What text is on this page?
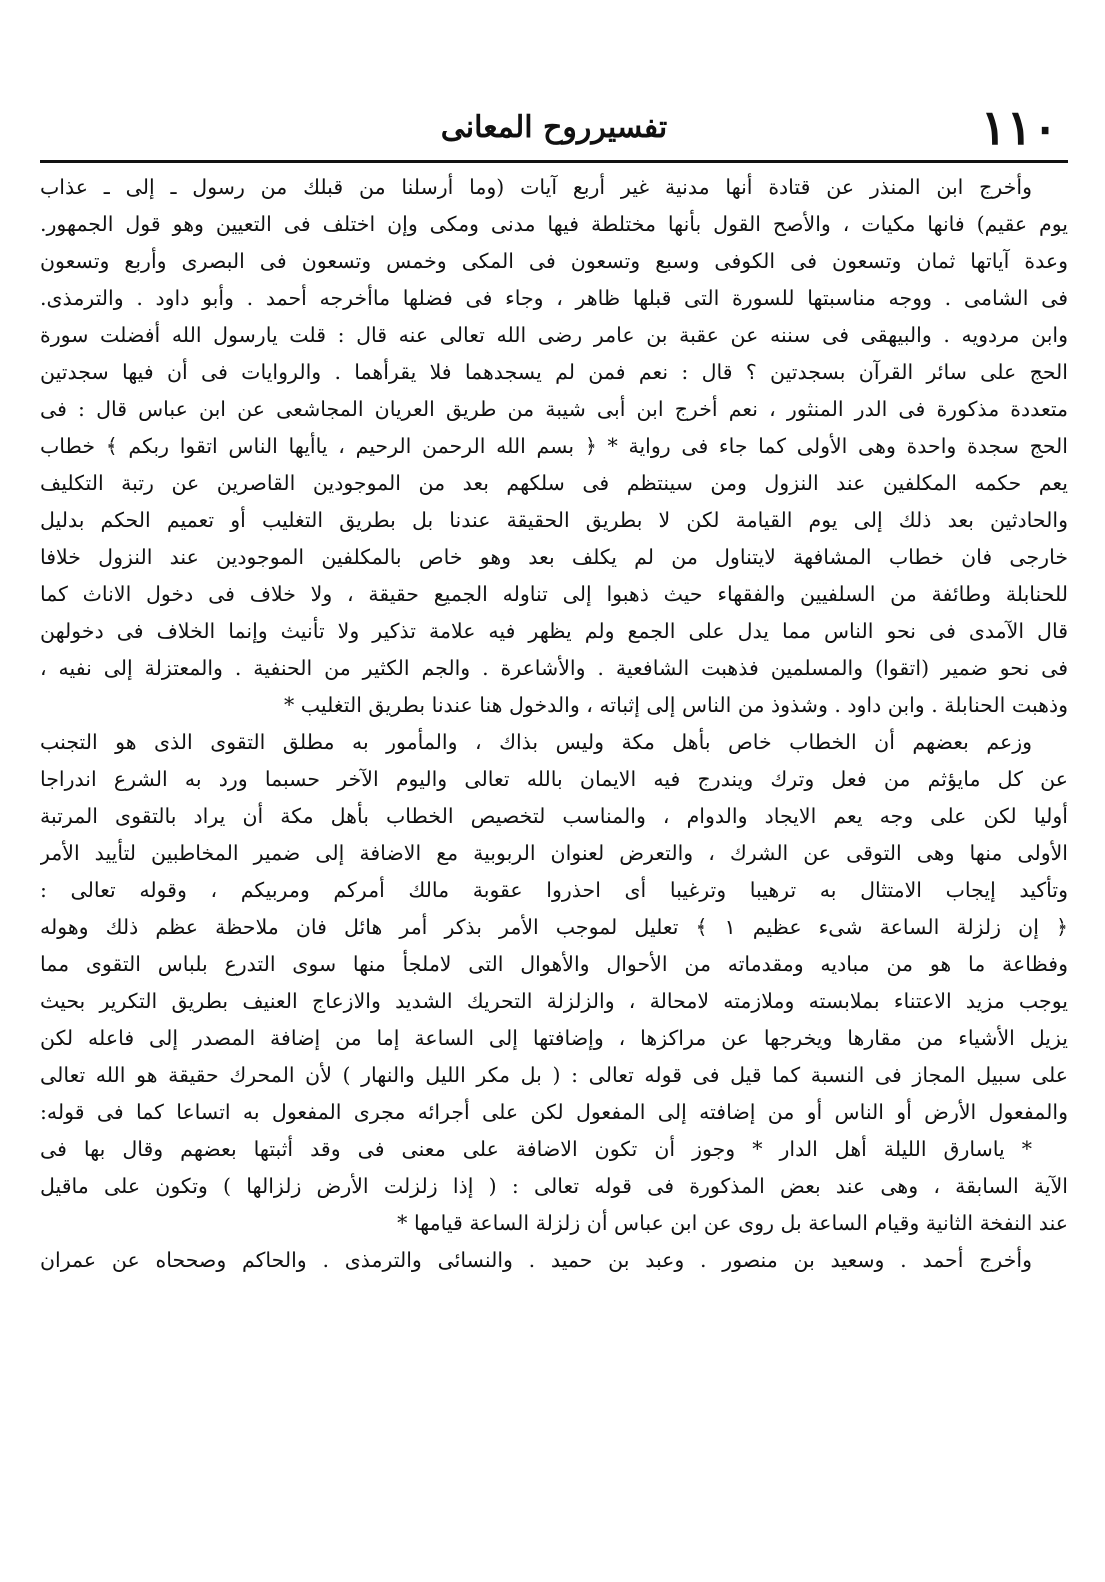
١١٠
تفسيرروح المعانى
وأخرج ابن المنذر عن قتادة أنها مدنية غير أربع آيات (وما أرسلنا من قبلك من رسول ـ إلى ـ عذاب
يوم عقيم) فانها مكيات ، والأصح القول بأنها مختلطة فيها مدنى ومكى وإن اختلف فى التعيين وهو قول الجمهور.
وعدة آياتها ثمان وتسعون فى الكوفى وسبع وتسعون فى المكى وخمس وتسعون فى البصرى وأربع وتسعون
فى الشامى . ووجه مناسبتها للسورة التى قبلها ظاهر ، وجاء فى فضلها ماأخرجه أحمد . وأبو داود . والترمذى.
وابن مردويه . والبيهقى فى سننه عن عقبة بن عامر رضى الله تعالى عنه قال : قلت يارسول الله أفضلت سورة
الحج على سائر القرآن بسجدتين ؟ قال : نعم فمن لم يسجدهما فلا يقرأهما . والروايات فى أن فيها سجدتين
متعددة مذكورة فى الدر المنثور ، نعم أخرج ابن أبى شيبة من طريق العريان المجاشعى عن ابن عباس قال : فى
الحج سجدة واحدة وهى الأولى كما جاء فى رواية * ﴿ بسم الله الرحمن الرحيم ، ياأيها الناس اتقوا ربكم ﴾ خطاب
يعم حكمه المكلفين عند النزول ومن سينتظم فى سلكهم بعد من الموجودين القاصرين عن رتبة التكليف
والحادثين بعد ذلك إلى يوم القيامة لكن لا بطريق الحقيقة عندنا بل بطريق التغليب أو تعميم الحكم بدليل
خارجى فان خطاب المشافهة لايتناول من لم يكلف بعد وهو خاص بالمكلفين الموجودين عند النزول خلافا
للحنابلة وطائفة من السلفيين والفقهاء حيث ذهبوا إلى تناوله الجميع حقيقة ، ولا خلاف فى دخول الاناث كما
قال الآمدى فى نحو الناس مما يدل على الجمع ولم يظهر فيه علامة تذكير ولا تأنيث وإنما الخلاف فى دخولهن
فى نحو ضمير (اتقوا) والمسلمين فذهبت الشافعية . والأشاعرة . والجم الكثير من الحنفية . والمعتزلة إلى نفيه ،
وذهبت الحنابلة . وابن داود . وشذوذ من الناس إلى إثباته ، والدخول هنا عندنا بطريق التغليب *
وزعم بعضهم أن الخطاب خاص بأهل مكة وليس بذاك ، والمأمور به مطلق التقوى الذى هو التجنب
عن كل مايؤثم من فعل وترك ويندرج فيه الايمان بالله تعالى واليوم الآخر حسبما ورد به الشرع اندراجا
أوليا لكن على وجه يعم الايجاد والدوام ، والمناسب لتخصيص الخطاب بأهل مكة أن يراد بالتقوى المرتبة
الأولى منها وهى التوقى عن الشرك ، والتعرض لعنوان الربوبية مع الاضافة إلى ضمير المخاطبين لتأييد الأمر
وتأكيد إيجاب الامتثال به ترهيبا وترغيبا أى احذروا عقوبة مالك أمركم ومربيكم ، وقوله تعالى :
﴿ إن زلزلة الساعة شىء عظيم ١ ﴾ تعليل لموجب الأمر بذكر أمر هائل فان ملاحظة عظم ذلك وهوله
وفظاعة ما هو من مباديه ومقدماته من الأحوال والأهوال التى لاملجأ منها سوى التدرع بلباس التقوى مما
يوجب مزيد الاعتناء بملابسته وملازمته لامحالة ، والزلزلة التحريك الشديد والازعاج العنيف بطريق التكرير بحيث
يزيل الأشياء من مقارها ويخرجها عن مراكزها ، وإضافتها إلى الساعة إما من إضافة المصدر إلى فاعله لكن
على سبيل المجاز فى النسبة كما قيل فى قوله تعالى : ( بل مكر الليل والنهار ) لأن المحرك حقيقة هو الله تعالى
والمفعول الأرض أو الناس أو من إضافته إلى المفعول لكن على أجرائه مجرى المفعول به اتساعا كما فى قوله:
* ياسارق الليلة أهل الدار * وجوز أن تكون الاضافة على معنى فى وقد أثبتها بعضهم وقال بها فى
الآية السابقة ، وهى عند بعض المذكورة فى قوله تعالى : ( إذا زلزلت الأرض زلزالها ) وتكون على ماقيل
عند النفخة الثانية وقيام الساعة بل روى عن ابن عباس أن زلزلة الساعة قيامها *
وأخرج أحمد . وسعيد بن منصور . وعبد بن حميد . والنسائى والترمذى . والحاكم وصححاه عن عمران
